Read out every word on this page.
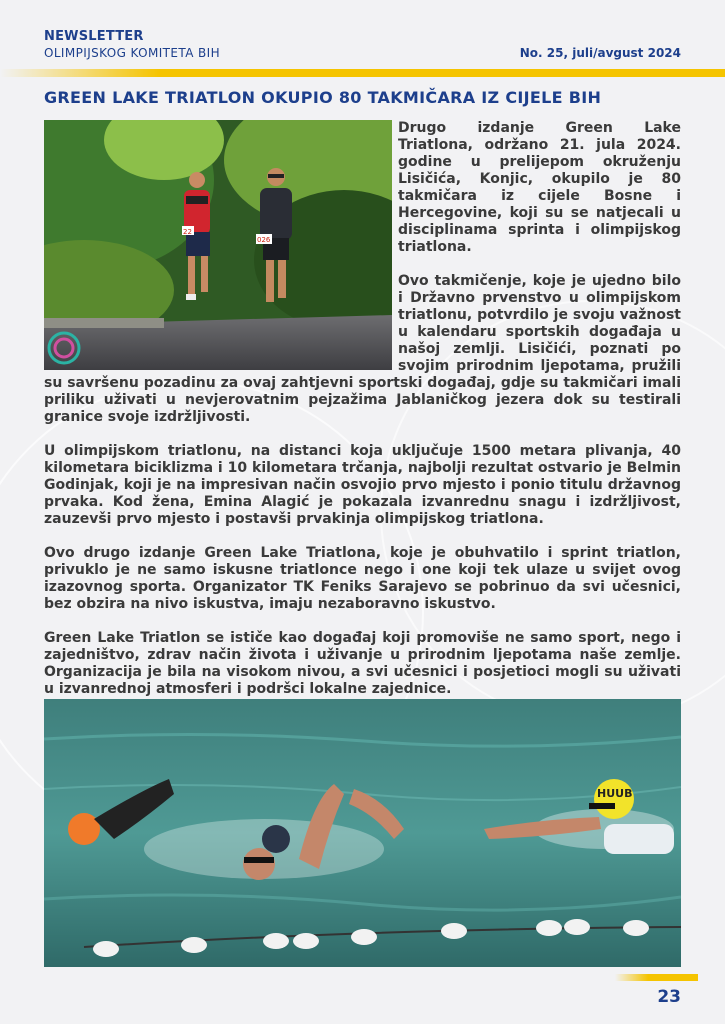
NEWSLETTER
OLIMPIJSKOG KOMITETA BIH	No. 25, juli/avgust 2024
GREEN LAKE TRIATLON OKUPIO 80 TAKMIČARA IZ CIJELE BIH
22
026

Drugo izdanje Green Lake Triatlona, održano 21. jula 2024. godine u prelijepom okruženju Lisičića, Konjic, okupilo je 80 takmičara iz cijele Bosne i Hercegovine, koji su se natjecali u disciplinama sprinta i olimpijskog triatlona.

Ovo takmičenje, koje je ujedno bilo i Državno prvenstvo u olimpijskom triatlonu, potvrdilo je svoju važnost u kalendaru sportskih događaja u našoj zemlji. Lisičići, poznati po svojim prirodnim ljepotama, pružili su savršenu pozadinu za ovaj zahtjevni sportski događaj, gdje su takmičari imali priliku uživati u nevjerovatnim pejzažima Jablaničkog jezera dok su testirali granice svoje izdržljivosti.

U olimpijskom triatlonu, na distanci koja uključuje 1500 metara plivanja, 40 kilometara biciklizma i 10 kilometara trčanja, najbolji rezultat ostvario je Belmin Godinjak, koji je na impresivan način osvojio prvo mjesto i ponio titulu državnog prvaka. Kod žena, Emina Alagić je pokazala izvanrednu snagu i izdržljivost, zauzevši prvo mjesto i postavši prvakinja olimpijskog triatlona.

Ovo drugo izdanje Green Lake Triatlona, koje je obuhvatilo i sprint triatlon, privuklo je ne samo iskusne triatlonce nego i one koji tek ulaze u svijet ovog izazovnog sporta. Organizator TK Feniks Sarajevo se pobrinuo da svi učesnici, bez obzira na nivo iskustva, imaju nezaboravno iskustvo.

Green Lake Triatlon se ističe kao događaj koji promoviše ne samo sport, nego i zajedništvo, zdrav način života i uživanje u prirodnim ljepotama naše zemlje. Organizacija je bila na visokom nivou, a svi učesnici i posjetioci mogli su uživati u izvanrednoj atmosferi i podršci lokalne zajednice.

HUUB
23
